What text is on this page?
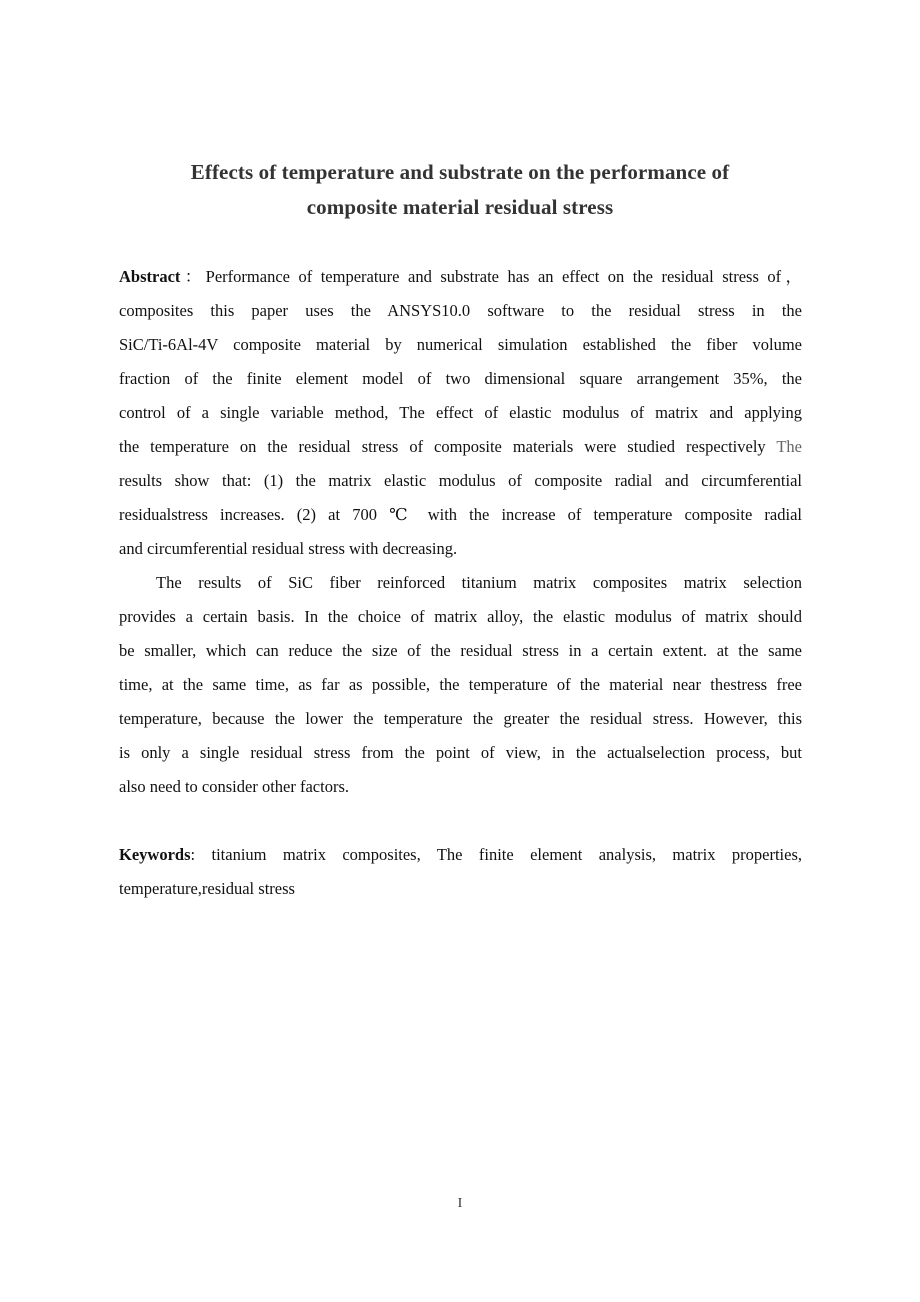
Effects of temperature and substrate on the performance of
composite material residual stress
Abstract：Performance of temperature and substrate has an effect on the residual stress of，
composites this paper uses the ANSYS10.0 software to the residual stress in the
SiC/Ti-6Al-4V composite material by numerical simulation established the fiber volume
fraction of the finite element model of two dimensional square arrangement 35%, the
control of a single variable method, The effect of elastic modulus of matrix and applying
the temperature on the residual stress of composite materials were studied respectively The
results show that: (1) the matrix elastic modulus of composite radial and circumferential
residualstress increases. (2) at 700 ℃ with the increase of temperature composite radial
and circumferential residual stress with decreasing.
The results of SiC fiber reinforced titanium matrix composites matrix selection
provides a certain basis. In the choice of matrix alloy, the elastic modulus of matrix should
be smaller, which can reduce the size of the residual stress in a certain extent. at the same
time, at the same time, as far as possible, the temperature of the material near thestress free
temperature, because the lower the temperature the greater the residual stress. However, this
is only a single residual stress from the point of view, in the actualselection process, but
also need to consider other factors.
Keywords: titanium matrix composites, The finite element analysis, matrix properties,
temperature,residual stress
I
